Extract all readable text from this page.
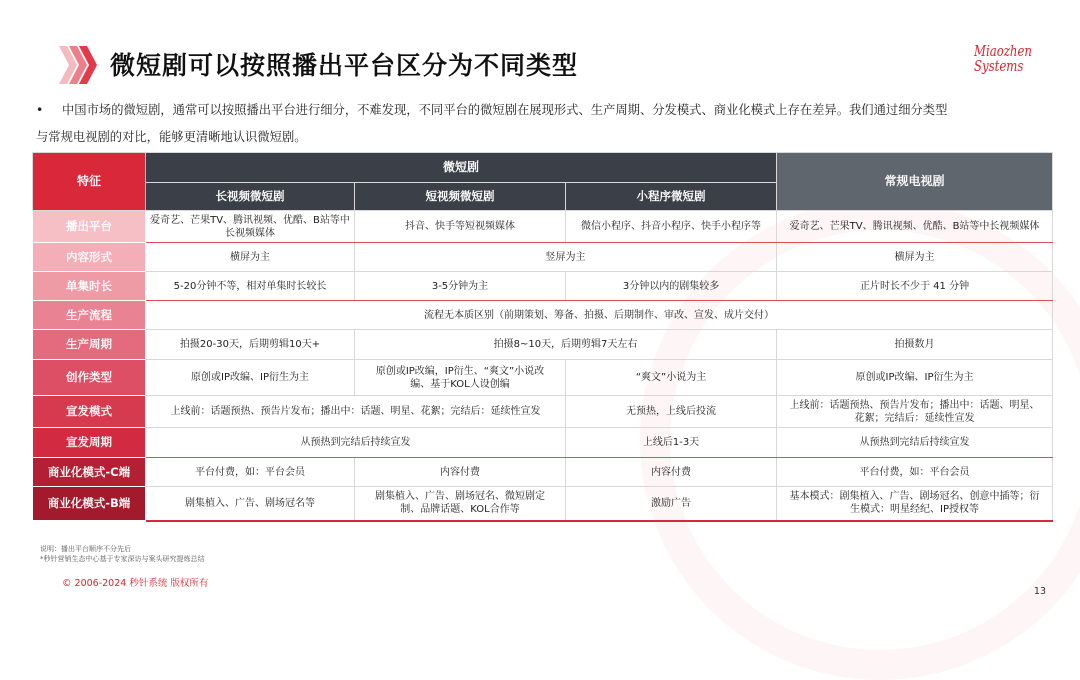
微短剧可以按照播出平台区分为不同类型	Miaozhen
Systems
•	中国市场的微短剧，通常可以按照播出平台进行细分，不难发现，不同平台的微短剧在展现形式、生产周期、分发模式、商业化模式上存在差异。我们通过细分类型
与常规电视剧的对比，能够更清晰地认识微短剧。
特征	微短剧			常规电视剧
	长视频微短剧	短视频微短剧	小程序微短剧	
播出平台	爱奇艺、芒果TV、腾讯视频、优酷、B站等中长视频媒体	抖音、快手等短视频媒体	微信小程序、抖音小程序、快手小程序等	爱奇艺、芒果TV、腾讯视频、优酷、B站等中长视频媒体
内容形式	横屏为主	竖屏为主		横屏为主
单集时长	5-20分钟不等，相对单集时长较长	3-5分钟为主	3分钟以内的剧集较多	正片时长不少于 41 分钟
生产流程	流程无本质区别（前期策划、筹备、拍摄、后期制作、审改、宣发、成片交付）			
生产周期	拍摄20-30天，后期剪辑10天+	拍摄8~10天，后期剪辑7天左右		拍摄数月
创作类型	原创或IP改编、IP衍生为主	原创或IP改编，IP衍生、“爽文”小说改编、基于KOL人设创编	“爽文”小说为主	原创或IP改编、IP衍生为主
宣发模式	上线前：话题预热、预告片发布；播出中：话题、明星、花絮；完结后：延续性宣发		无预热，上线后投流	上线前：话题预热、预告片发布；播出中：话题、明星、花絮；完结后：延续性宣发
宣发周期	从预热到完结后持续宣发		上线后1-3天	从预热到完结后持续宣发
商业化模式-C端	平台付费，如：平台会员	内容付费	内容付费	平台付费，如：平台会员
商业化模式-B端	剧集植入、广告、剧场冠名等	剧集植入、广告、剧场冠名、微短剧定制、品牌话题、KOL合作等	激励广告	基本模式：剧集植入、广告、剧场冠名、创意中插等；衍生模式：明星经纪、IP授权等
说明：播出平台顺序不分先后
*秒针营销生态中心基于专家深访与案头研究提炼总结
© 2006-2024 秒针系统 版权所有
13
